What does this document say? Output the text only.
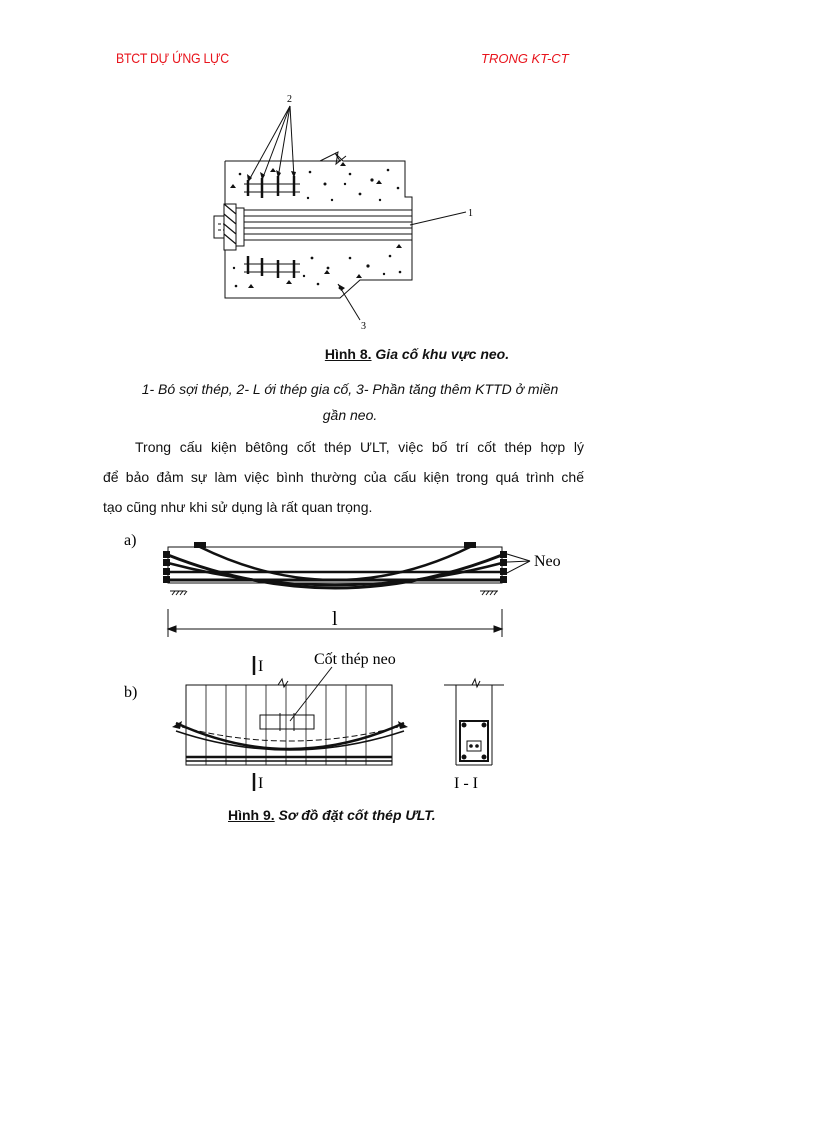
BTCT DỰ ỨNG LỰC	TRONG KT-CT
2
1
3
Hình 8. Gia cố khu vực neo.
1- Bó sợi thép, 2- L ới thép gia cố, 3- Phần tăng thêm KTTD ở miền
gần neo.
Trong cấu kiện bêtông cốt thép ƯLT, việc bố trí cốt thép hợp lý
để bảo đảm sự làm việc bình thường của cấu kiện trong quá trình chế
tạo cũng như khi sử dụng là rất quan trọng.
a)
Neo
l
b)
Cốt thép neo
I
I	I - I
Hình 9. Sơ đồ đặt cốt thép ƯLT.
